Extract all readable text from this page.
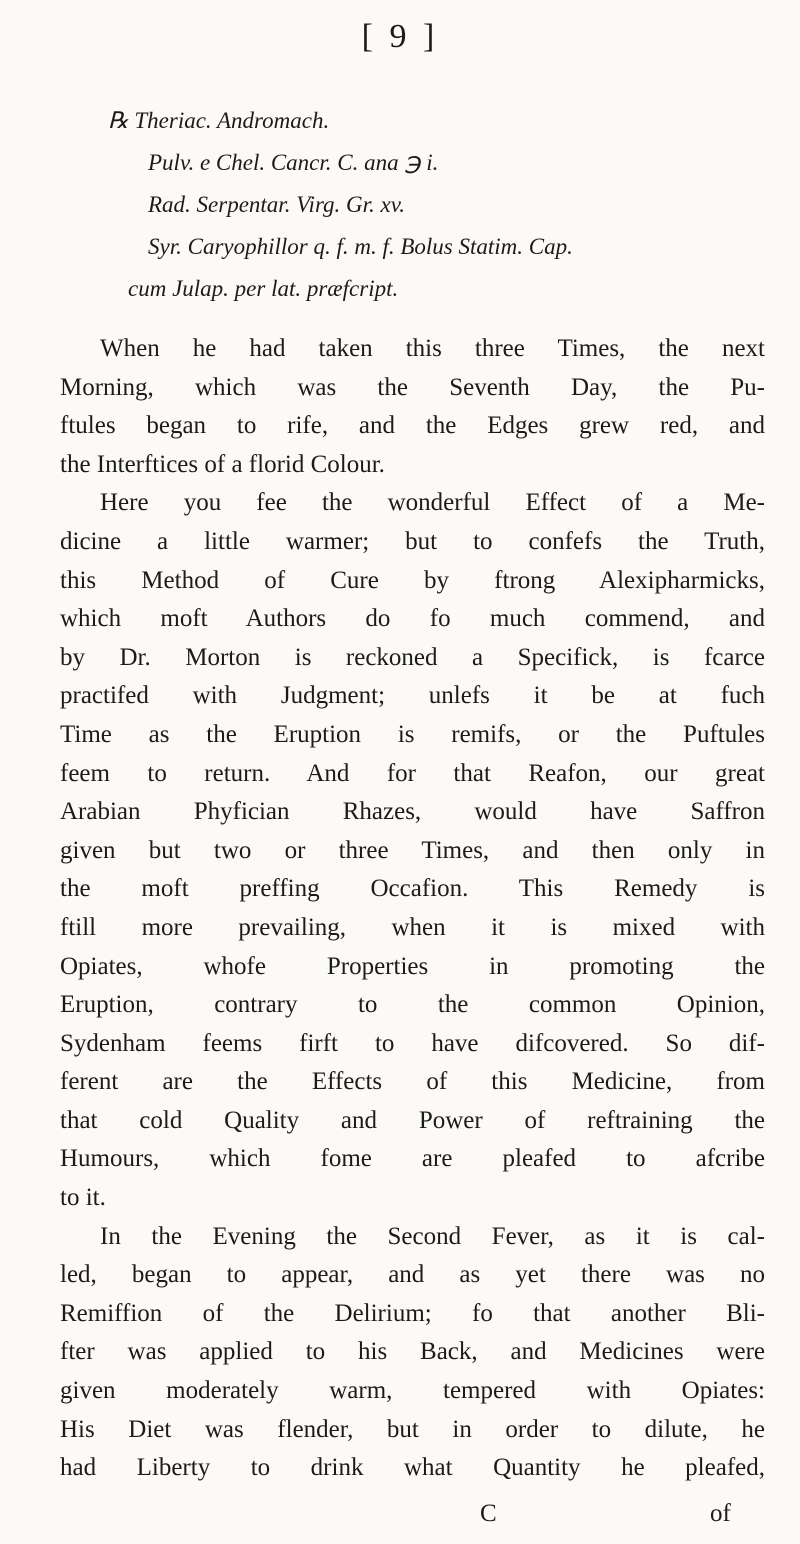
[ 9 ]
℞ Theriac. Andromach.
Pulv. e Chel. Cancr. C. ana ℈ i.
Rad. Serpentar. Virg. Gr. xv.
Syr. Caryophillor q. f. m. f. Bolus Statim. Cap.
cum Julap. per lat. præfcript.
When he had taken this three Times, the next
Morning, which was the Seventh Day, the Pu-
ftules began to rife, and the Edges grew red, and
the Interftices of a florid Colour.
Here you fee the wonderful Effect of a Me-
dicine a little warmer; but to confefs the Truth,
this Method of Cure by ftrong Alexipharmicks,
which moft Authors do fo much commend, and
by Dr. Morton is reckoned a Specifick, is fcarce
practifed with Judgment; unlefs it be at fuch
Time as the Eruption is remifs, or the Puftules
feem to return. And for that Reafon, our great
Arabian Phyfician Rhazes, would have Saffron
given but two or three Times, and then only in
the moft preffing Occafion. This Remedy is
ftill more prevailing, when it is mixed with
Opiates, whofe Properties in promoting the
Eruption, contrary to the common Opinion,
Sydenham feems firft to have difcovered. So dif-
ferent are the Effects of this Medicine, from
that cold Quality and Power of reftraining the
Humours, which fome are pleafed to afcribe
to it.
In the Evening the Second Fever, as it is cal-
led, began to appear, and as yet there was no
Remiffion of the Delirium; fo that another Bli-
fter was applied to his Back, and Medicines were
given moderately warm, tempered with Opiates:
His Diet was flender, but in order to dilute, he
had Liberty to drink what Quantity he pleafed,
C	of
